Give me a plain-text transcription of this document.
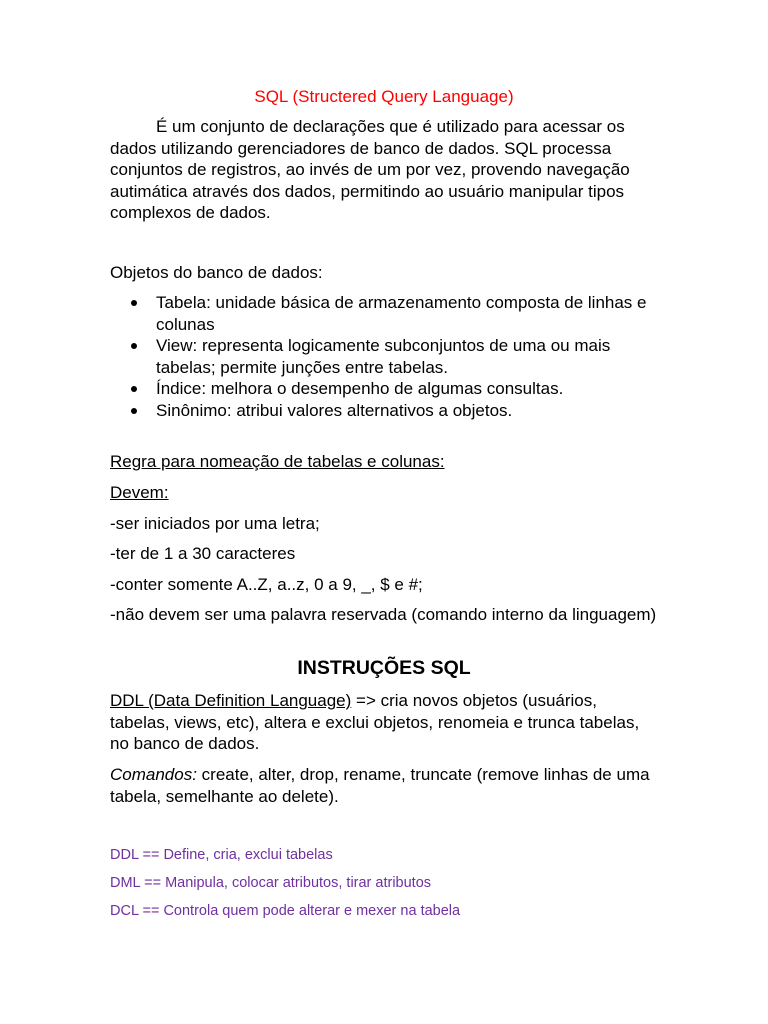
SQL (Structered Query Language)

É um conjunto de declarações que é utilizado para acessar os dados utilizando gerenciadores de banco de dados. SQL processa conjuntos de registros, ao invés de um por vez, provendo navegação autimática através dos dados, permitindo ao usuário manipular tipos complexos de dados.

Objetos do banco de dados:

Tabela: unidade básica de armazenamento composta de linhas e colunas
View: representa logicamente subconjuntos de uma ou mais tabelas; permite junções entre tabelas.
Índice: melhora o desempenho de algumas consultas.
Sinônimo: atribui valores alternativos a objetos.

Regra para nomeação de tabelas e colunas:

Devem:

-ser iniciados por uma letra;

-ter de 1 a 30 caracteres

-conter somente A..Z, a..z, 0 a 9, _, $ e #;

-não devem ser uma palavra reservada (comando interno da linguagem)

INSTRUÇÕES SQL

DDL (Data Definition Language) => cria novos objetos (usuários, tabelas, views, etc), altera e exclui objetos, renomeia e trunca tabelas, no banco de dados.

Comandos: create, alter, drop, rename, truncate (remove linhas de uma tabela, semelhante ao delete).

DDL == Define, cria, exclui tabelas

DML == Manipula, colocar atributos, tirar atributos

DCL == Controla quem pode alterar e mexer na tabela
